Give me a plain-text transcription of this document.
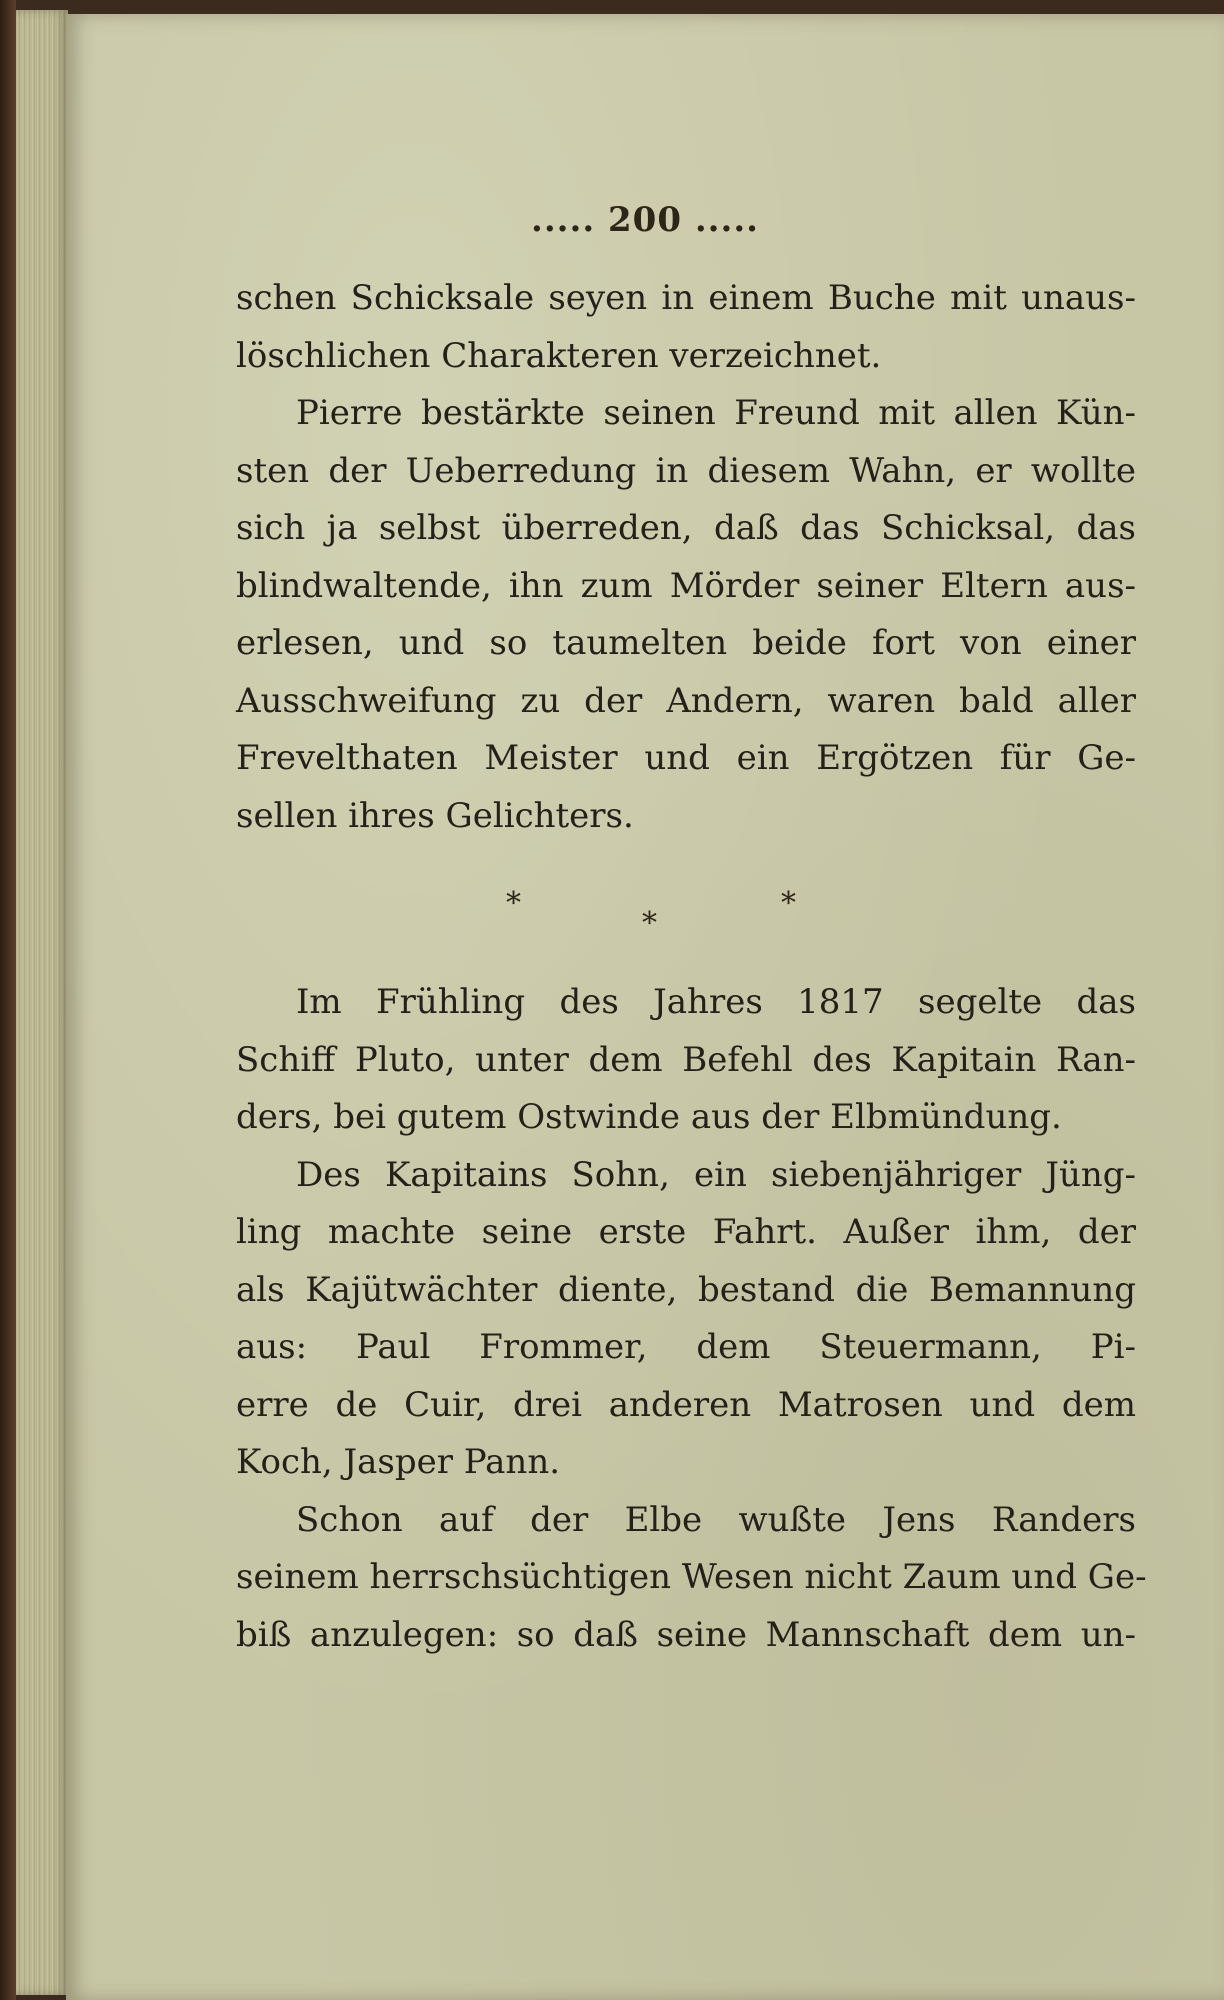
..... 200 .....
schen Schicksale seyen in einem Buche mit unaus-
löschlichen Charakteren verzeichnet.
Pierre bestärkte seinen Freund mit allen Kün-
sten der Ueberredung in diesem Wahn, er wollte
sich ja selbst überreden, daß das Schicksal, das
blindwaltende, ihn zum Mörder seiner Eltern aus-
erlesen, und so taumelten beide fort von einer
Ausschweifung zu der Andern, waren bald aller
Frevelthaten Meister und ein Ergötzen für Ge-
sellen ihres Gelichters.
*
*
*
Im Frühling des Jahres 1817 segelte das
Schiff Pluto, unter dem Befehl des Kapitain Ran-
ders, bei gutem Ostwinde aus der Elbmündung.
Des Kapitains Sohn, ein siebenjähriger Jüng-
ling machte seine erste Fahrt. Außer ihm, der
als Kajütwächter diente, bestand die Bemannung
aus: Paul Frommer, dem Steuermann, Pi-
erre de Cuir, drei anderen Matrosen und dem
Koch, Jasper Pann.
Schon auf der Elbe wußte Jens Randers
seinem herrschsüchtigen Wesen nicht Zaum und Ge-
biß anzulegen: so daß seine Mannschaft dem un-
